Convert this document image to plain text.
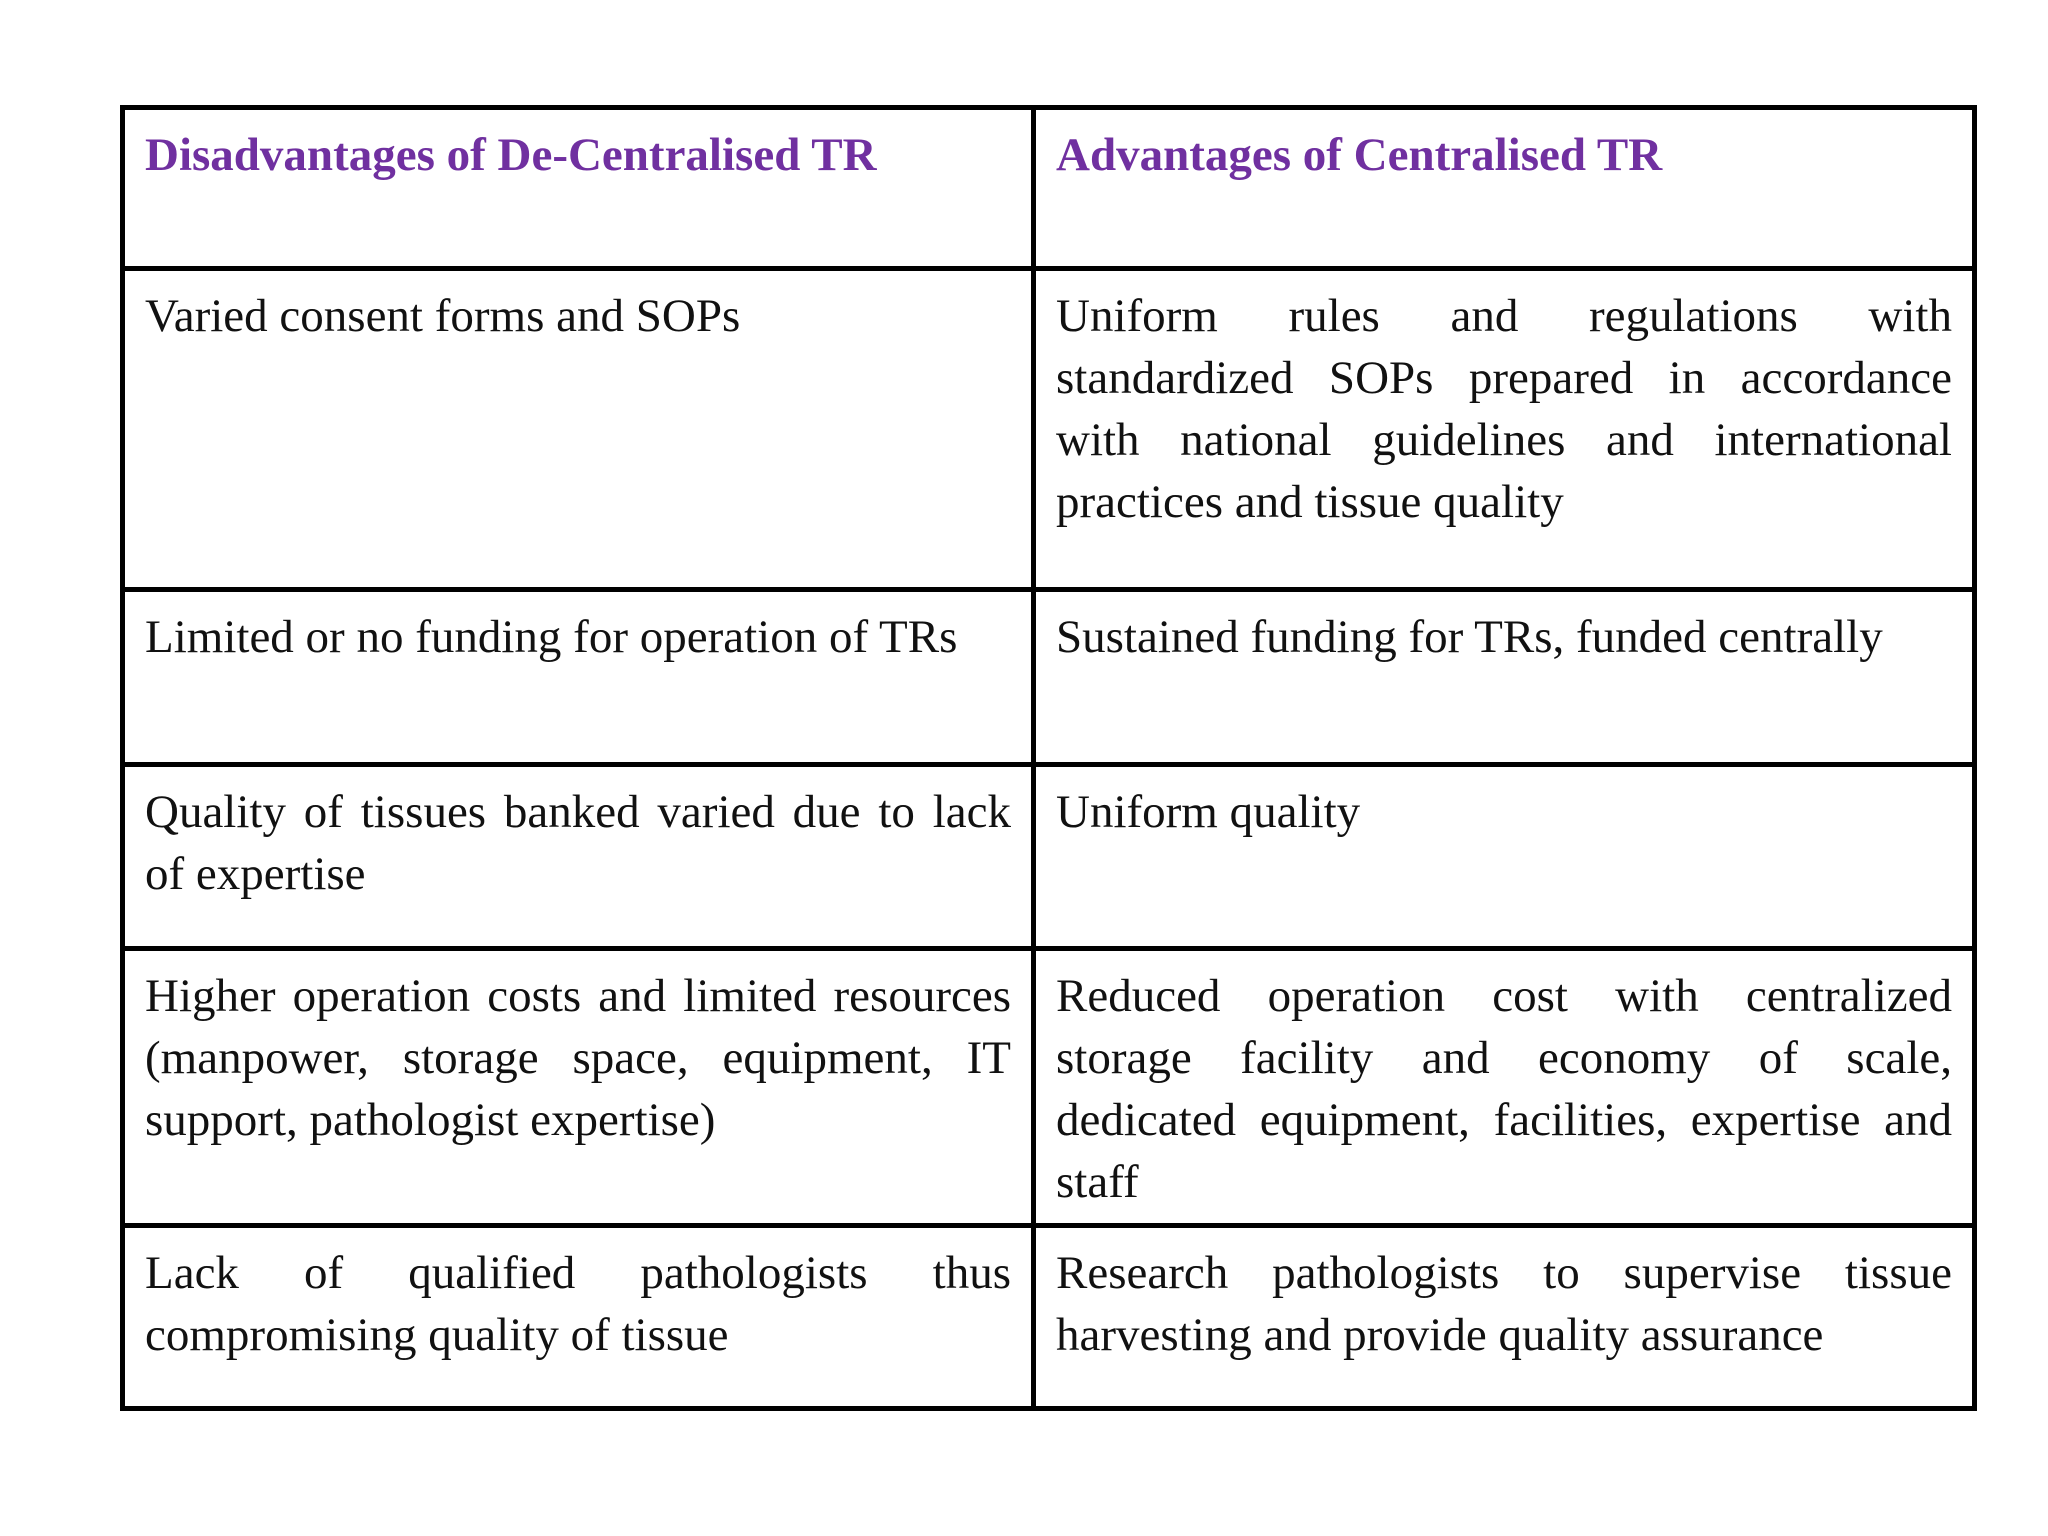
Disadvantages of De-Centralised TR	Advantages of Centralised TR
Varied consent forms and SOPs	Uniform rules and regulations with standardized SOPs prepared in accordance with national guidelines and international practices and tissue quality
Limited or no funding for operation of TRs	Sustained funding for TRs, funded centrally
Quality of tissues banked varied due to lack of expertise	Uniform quality
Higher operation costs and limited resources (manpower, storage space, equipment, IT support, pathologist expertise)	Reduced operation cost with centralized storage facility and economy of scale, dedicated equipment, facilities, expertise and staff
Lack of qualified pathologists thus compromising quality of tissue	Research pathologists to supervise tissue harvesting and provide quality assurance
